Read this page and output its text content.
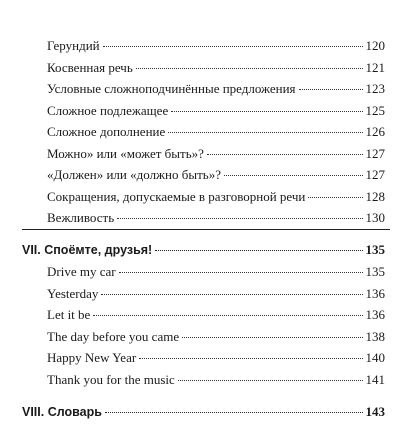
Герундий	120
Косвенная речь	121
Условные сложноподчинённые предложения	123
Сложное подлежащее	125
Сложное дополнение	126
Можно» или «может быть»?	127
«Должен» или «должно быть»?	127
Сокращения, допускаемые в разговорной речи	128
Вежливость	130
VII. Споёмте, друзья!	135
Drive my car	135
Yesterday	136
Let it be	136
The day before you came	138
Happy New Year	140
Thank you for the music	141
VIII. Словарь	143
